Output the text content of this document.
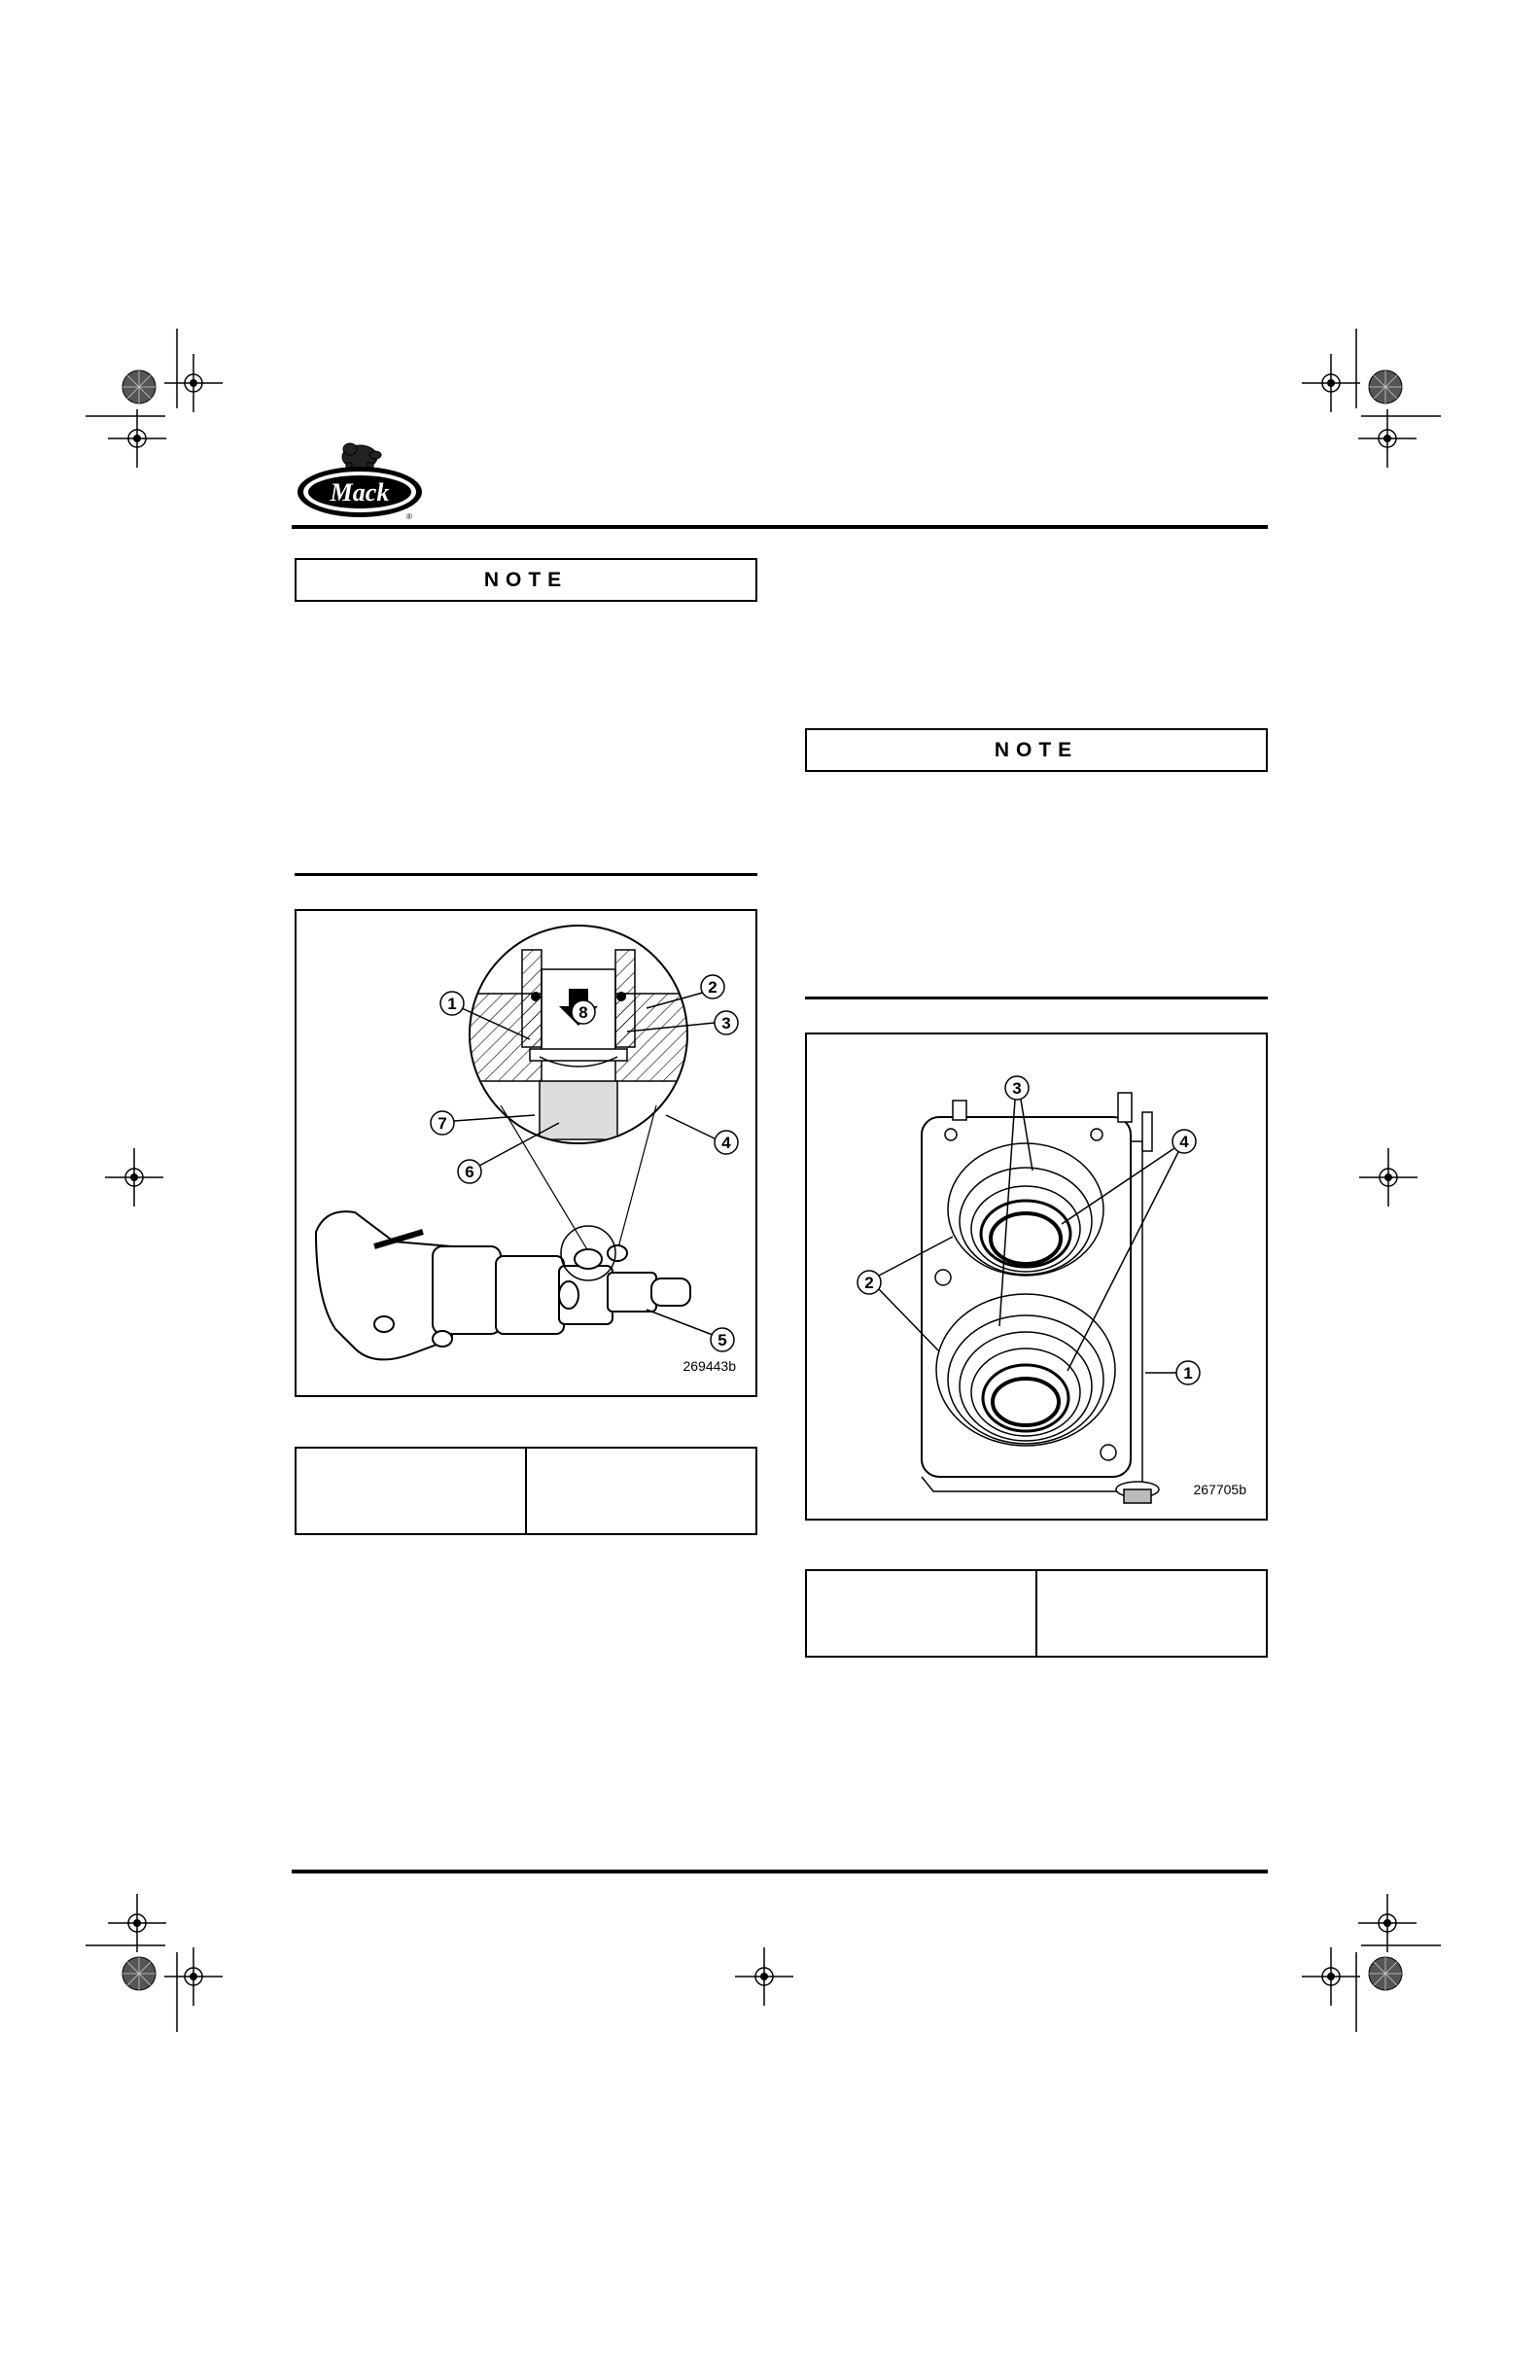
Mack
®
NOTE
1	8
2
3
7
4
6
5
269443b
NOTE
3
4
2
1
267705b
